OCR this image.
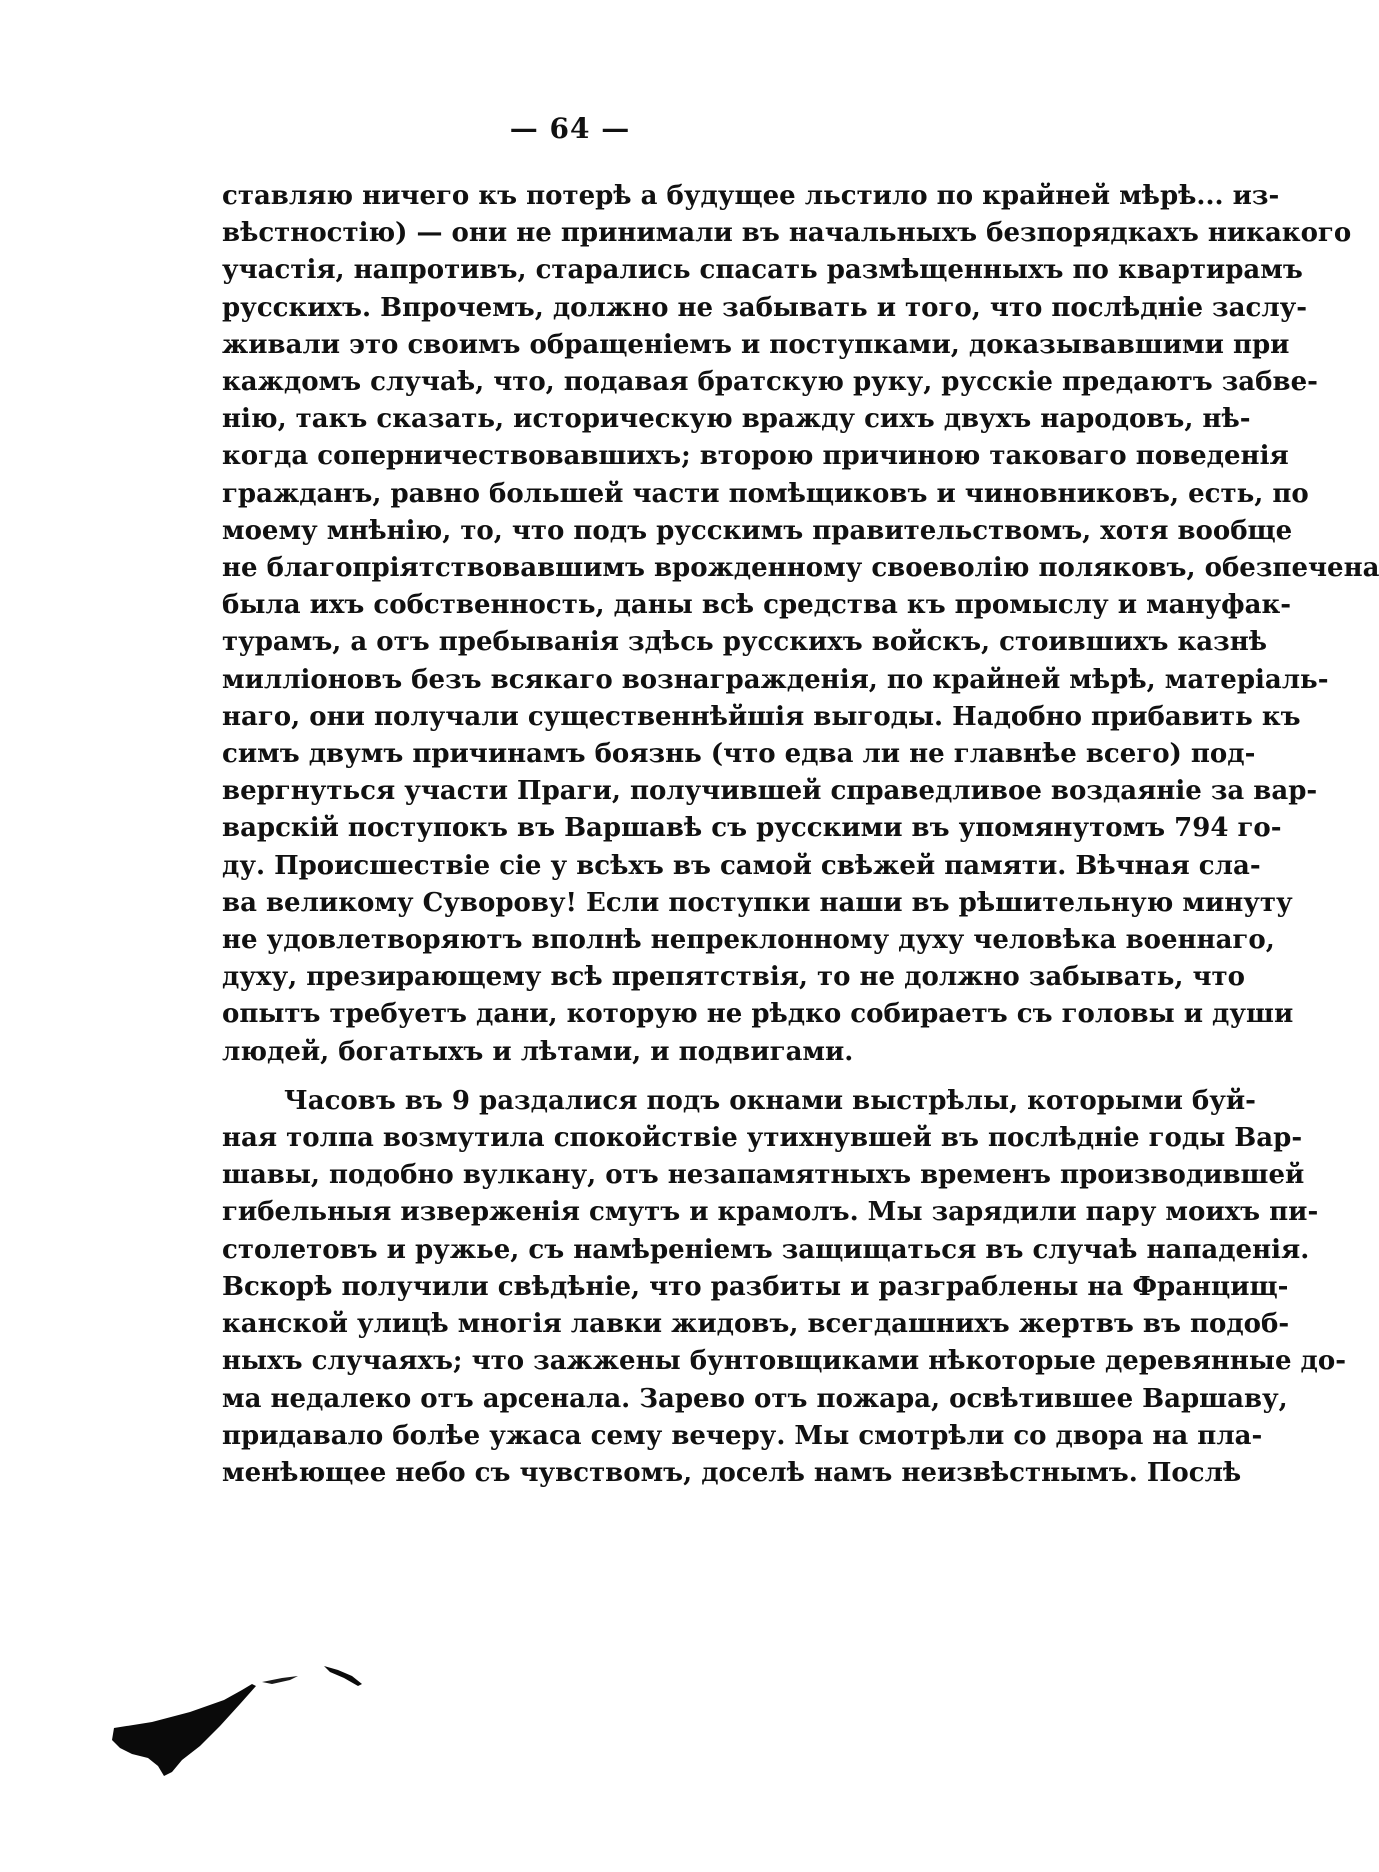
— 64 —
ставляю ничего къ потерѣ а будущее льстило по крайней мѣрѣ... из-
вѣстностію) — они не принимали въ начальныхъ безпорядкахъ никакого
участія, напротивъ, старались спасать размѣщенныхъ по квартирамъ
русскихъ. Впрочемъ, должно не забывать и того, что послѣдніе заслу-
живали это своимъ обращеніемъ и поступками, доказывавшими при
каждомъ случаѣ, что, подавая братскую руку, русскіе предаютъ забве-
нію, такъ сказать, историческую вражду сихъ двухъ народовъ, нѣ-
когда соперничествовавшихъ; второю причиною таковаго поведенія
гражданъ, равно большей части помѣщиковъ и чиновниковъ, есть, по
моему мнѣнію, то, что подъ русскимъ правительствомъ, хотя вообще
не благопріятствовавшимъ врожденному своеволію поляковъ, обезпечена
была ихъ собственность, даны всѣ средства къ промыслу и мануфак-
турамъ, а отъ пребыванія здѣсь русскихъ войскъ, стоившихъ казнѣ
милліоновъ безъ всякаго вознагражденія, по крайней мѣрѣ, матеріаль-
наго, они получали существеннѣйшія выгоды. Надобно прибавить къ
симъ двумъ причинамъ боязнь (что едва ли не главнѣе всего) под-
вергнуться участи Праги, получившей справедливое воздаяніе за вар-
варскій поступокъ въ Варшавѣ съ русскими въ упомянутомъ 794 го-
ду. Происшествіе сіе у всѣхъ въ самой свѣжей памяти. Вѣчная сла-
ва великому Суворову! Если поступки наши въ рѣшительную минуту
не удовлетворяютъ вполнѣ непреклонному духу человѣка военнаго,
духу, презирающему всѣ препятствія, то не должно забывать, что
опытъ требуетъ дани, которую не рѣдко собираетъ съ головы и души
людей, богатыхъ и лѣтами, и подвигами.
Часовъ въ 9 раздалися подъ окнами выстрѣлы, которыми буй-
ная толпа возмутила спокойствіе утихнувшей въ послѣдніе годы Вар-
шавы, подобно вулкану, отъ незапамятныхъ временъ производившей
гибельныя изверженія смутъ и крамолъ. Мы зарядили пару моихъ пи-
столетовъ и ружье, съ намѣреніемъ защищаться въ случаѣ нападенія.
Вскорѣ получили свѣдѣніе, что разбиты и разграблены на Францищ-
канской улицѣ многія лавки жидовъ, всегдашнихъ жертвъ въ подоб-
ныхъ случаяхъ; что зажжены бунтовщиками нѣкоторые деревянные до-
ма недалеко отъ арсенала. Зарево отъ пожара, освѣтившее Варшаву,
придавало болѣе ужаса сему вечеру. Мы смотрѣли со двора на пла-
менѣющее небо съ чувствомъ, доселѣ намъ неизвѣстнымъ. Послѣ
